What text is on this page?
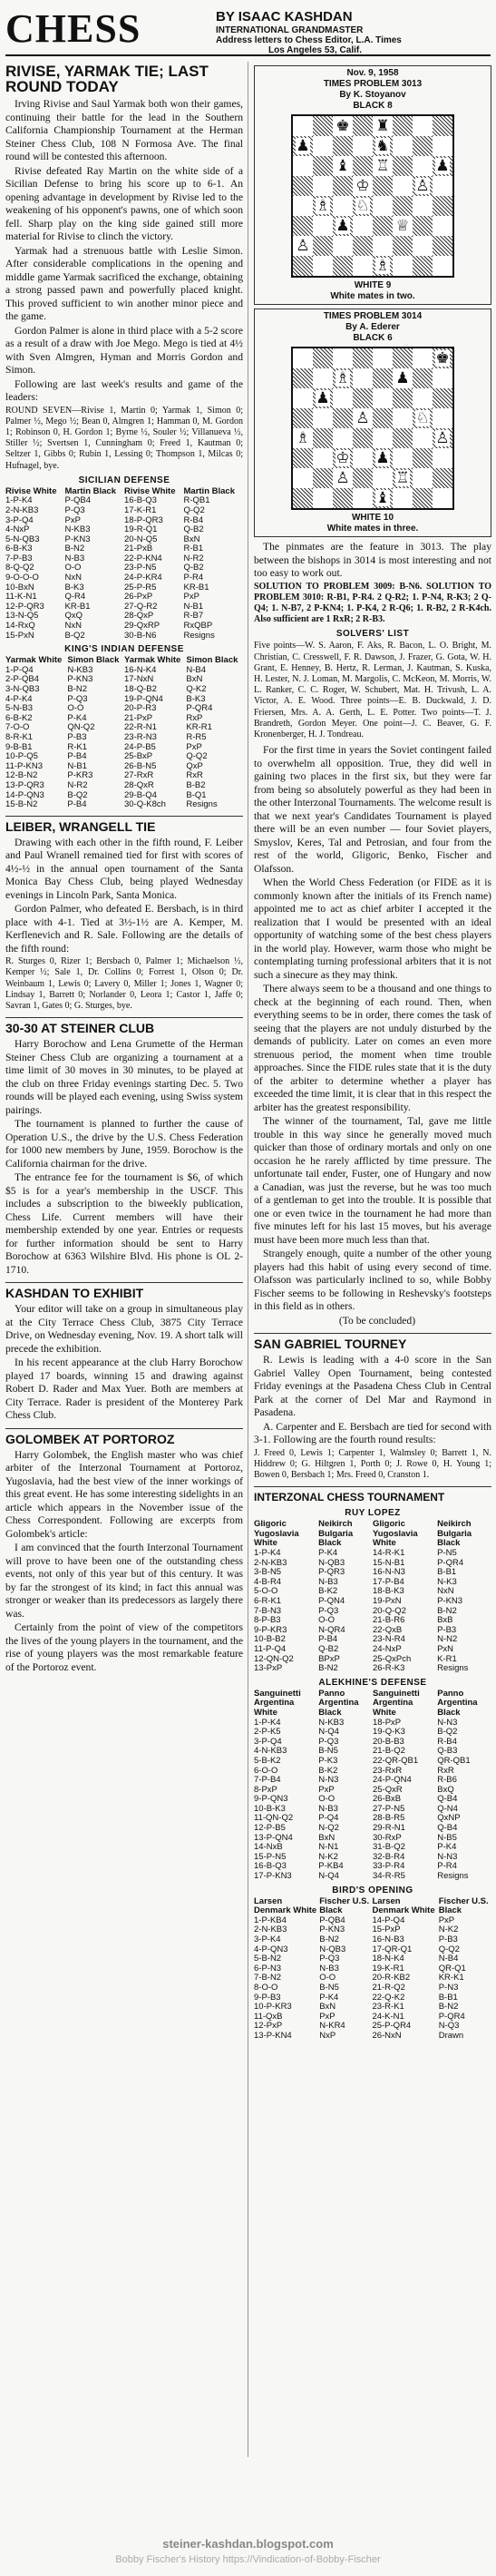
CHESS	BY ISAAC KASHDAN
INTERNATIONAL GRANDMASTER
Address letters to Chess Editor, L.A. Times
Los Angeles 53, Calif.
RIVISE, YARMAK TIE; LAST ROUND TODAY

Irving Rivise and Saul Yarmak both won their games, continuing their battle for the lead in the Southern California Championship Tournament at the Herman Steiner Chess Club, 108 N Formosa Ave. The final round will be contested this afternoon.

Rivise defeated Ray Martin on the white side of a Sicilian Defense to bring his score up to 6-1. An opening advantage in development by Rivise led to the weakening of his opponent's pawns, one of which soon fell. Sharp play on the king side gained still more material for Rivise to clinch the victory.

Yarmak had a strenuous battle with Leslie Simon. After considerable complications in the opening and middle game Yarmak sacrificed the exchange, obtaining a strong passed pawn and powerfully placed knight. This proved sufficient to win another minor piece and the game.

Gordon Palmer is alone in third place with a 5-2 score as a result of a draw with Joe Mego. Mego is tied at 4½ with Sven Almgren, Hyman and Morris Gordon and Simon.

Following are last week's results and game of the leaders:

ROUND SEVEN—Rivise 1, Martin 0; Yarmak 1, Simon 0; Palmer ½, Mego ½; Bean 0, Almgren 1; Hamman 0, M. Gordon 1; Robinson 0, H. Gordon 1; Byrne ½, Souler ½; Villanueva ½, Stiller ½; Svertsen 1, Cunningham 0; Freed 1, Kautman 0; Seltzer 1, Gibbs 0; Rubin 1, Lessing 0; Thompson 1, Milcas 0; Hufnagel, bye.

SICILIAN DEFENSE
Rivise White	Martin Black	Rivise White	Martin Black
1-P-K4	P-QB4	16-B-Q3	R-QB1
2-N-KB3	P-Q3	17-K-R1	Q-Q2
3-P-Q4	PxP	18-P-QR3	R-B4
4-NxP	N-KB3	19-R-Q1	Q-B2
5-N-QB3	P-KN3	20-N-Q5	BxN
6-B-K3	B-N2	21-PxB	R-B1
7-P-B3	N-B3	22-P-KN4	N-R2
8-Q-Q2	O-O	23-P-N5	Q-B2
9-O-O-O	NxN	24-P-KR4	P-R4
10-BxN	B-K3	25-P-R5	KR-B1
11-K-N1	Q-R4	26-PxP	PxP
12-P-QR3	KR-B1	27-Q-R2	N-B1
13-N-Q5	QxQ	28-QxP	R-B7
14-RxQ	NxN	29-QxRP	RxQBP
15-PxN	B-Q2	30-B-N6	Resigns
KING'S INDIAN DEFENSE
Yarmak White	Simon Black	Yarmak White	Simon Black
1-P-Q4	N-KB3	16-N-K4	N-B4
2-P-QB4	P-KN3	17-NxN	BxN
3-N-QB3	B-N2	18-Q-B2	Q-K2
4-P-K4	P-Q3	19-P-QN4	B-K3
5-N-B3	O-O	20-P-R3	P-QR4
6-B-K2	P-K4	21-PxP	RxP
7-O-O	QN-Q2	22-R-N1	KR-R1
8-R-K1	P-B3	23-R-N3	R-R5
9-B-B1	R-K1	24-P-B5	PxP
10-P-Q5	P-B4	25-BxP	Q-Q2
11-P-KN3	N-B1	26-B-N5	QxP
12-B-N2	P-KR3	27-RxR	RxR
13-P-QR3	N-R2	28-QxR	B-B2
14-P-QN3	B-Q2	29-B-Q4	B-Q1
15-B-N2	P-B4	30-Q-K8ch	Resigns
LEIBER, WRANGELL TIE

Drawing with each other in the fifth round, F. Leiber and Paul Wranell remained tied for first with scores of 4½-½ in the annual open tournament of the Santa Monica Bay Chess Club, being played Wednesday evenings in Lincoln Park, Santa Monica.

Gordon Palmer, who defeated E. Bersbach, is in third place with 4-1. Tied at 3½-1½ are A. Kemper, M. Kerflenevich and R. Sale. Following are the details of the fifth round:

R. Sturges 0, Rizer 1; Bersbach 0, Palmer 1; Michaelson ½, Kemper ½; Sale 1, Dr. Collins 0; Forrest 1, Olson 0; Dr. Weinbaum 1, Lewis 0; Lavery 0, Miller 1; Jones 1, Wagner 0; Lindsay 1, Barrett 0; Norlander 0, Leora 1; Castor 1, Jaffe 0; Savran 1, Gates 0; G. Sturges, bye.

30-30 AT STEINER CLUB

Harry Borochow and Lena Grumette of the Herman Steiner Chess Club are organizing a tournament at a time limit of 30 moves in 30 minutes, to be played at the club on three Friday evenings starting Dec. 5. Two rounds will be played each evening, using Swiss system pairings.

The tournament is planned to further the cause of Operation U.S., the drive by the U.S. Chess Federation for 1000 new members by June, 1959. Borochow is the California chairman for the drive.

The entrance fee for the tournament is $6, of which $5 is for a year's membership in the USCF. This includes a subscription to the biweekly publication, Chess Life. Current members will have their membership extended by one year. Entries or requests for further information should be sent to Harry Borochow at 6363 Wilshire Blvd. His phone is OL 2-1710.

KASHDAN TO EXHIBIT

Your editor will take on a group in simultaneous play at the City Terrace Chess Club, 3875 City Terrace Drive, on Wednesday evening, Nov. 19. A short talk will precede the exhibition.

In his recent appearance at the club Harry Borochow played 17 boards, winning 15 and drawing against Robert D. Rader and Max Yuer. Both are members at City Terrace. Rader is president of the Monterey Park Chess Club.

GOLOMBEK AT PORTOROZ

Harry Golombek, the English master who was chief arbiter of the Interzonal Tournament at Portoroz, Yugoslavia, had the best view of the inner workings of this great event. He has some interesting sidelights in an article which appears in the November issue of the Chess Correspondent. Following are excerpts from Golombek's article:

I am convinced that the fourth Interzonal Tournament will prove to have been one of the outstanding chess events, not only of this year but of this century. It was by far the strongest of its kind; in fact this annual was stronger or weaker than its predecessors as largely there was.

Certainly from the point of view of the competitors the lives of the young players in the tournament, and the rise of young players was the most remarkable feature of the Portoroz event.

Nov. 9, 1958
TIMES PROBLEM 3013
By K. Stoyanov
BLACK 8
♚ ♜
♟	♞
♝ ♖	♟
♔	♙
♗ ♘
♟	♕
♙
♗
WHITE 9
White mates in two.
TIMES PROBLEM 3014
By A. Ederer
BLACK 6
♚
♗	♟
♟
♙	♘
♗	♙
♔ ♟
♙	♖
♝
WHITE 10
White mates in three.

The pinmates are the feature in 3013. The play between the bishops in 3014 is most interesting and not too easy to work out.

SOLUTION TO PROBLEM 3009: B-N6. SOLUTION TO PROBLEM 3010: R-B1, P-R4. 2 Q-R2; 1. P-N4, R-K3; 2 Q-Q4; 1. N-B7, 2 P-KN4; 1. P-K4, 2 R-Q6; 1. R-B2, 2 R-K4ch. Also sufficient are 1 RxR; 2 R-B3.

SOLVERS' LIST

Five points—W. S. Aaron, F. Aks, R. Bacon, L. O. Bright, M. Christian, C. Cresswell, F. R. Dawson, J. Frazer, G. Gota, W. H. Grant, E. Henney, B. Hertz, R. Lerman, J. Kautman, S. Kuska, H. Lester, N. J. Loman, M. Margolis, C. McKeon, M. Morris, W. L. Ranker, C. C. Roger, W. Schubert, Mat. H. Trivush, L. A. Victor, A. E. Wood. Three points—E. B. Duckwald, J. D. Friersen, Mrs. A. A. Gerth, L. E. Potter. Two points—T. J. Brandreth, Gordon Meyer. One point—J. C. Beaver, G. F. Kronenberger, H. J. Tondreau.

For the first time in years the Soviet contingent failed to overwhelm all opposition. True, they did well in gaining two places in the first six, but they were far from being so absolutely powerful as they had been in the other Interzonal Tournaments. The welcome result is that we next year's Candidates Tournament is played there will be an even number — four Soviet players, Smyslov, Keres, Tal and Petrosian, and four from the rest of the world, Gligoric, Benko, Fischer and Olafsson.

When the World Chess Federation (or FIDE as it is commonly known after the initials of its French name) appointed me to act as chief arbiter I accepted it the realization that I would be presented with an ideal opportunity of watching some of the best chess players in the world play. However, warm those who might be contemplating turning professional arbiters that it is not such a sinecure as they may think.

There always seem to be a thousand and one things to check at the beginning of each round. Then, when everything seems to be in order, there comes the task of seeing that the players are not unduly disturbed by the demands of publicity. Later on comes an even more strenuous period, the moment when time trouble approaches. Since the FIDE rules state that it is the duty of the arbiter to determine whether a player has exceeded the time limit, it is clear that in this respect the arbiter has the greatest responsibility.

The winner of the tournament, Tal, gave me little trouble in this way since he generally moved much quicker than those of ordinary mortals and only on one occasion he he rarely afflicted by time pressure. The unfortunate tail ender, Fuster, one of Hungary and now a Canadian, was just the reverse, but he was too much of a gentleman to get into the trouble. It is possible that one or even twice in the tournament he had more than five minutes left for his last 15 moves, but his average must have been more much less than that.

Strangely enough, quite a number of the other young players had this habit of using every second of time. Olafsson was particularly inclined to so, while Bobby Fischer seems to be following in Reshevsky's footsteps in this field as in others.

(To be concluded)

SAN GABRIEL TOURNEY

R. Lewis is leading with a 4-0 score in the San Gabriel Valley Open Tournament, being contested Friday evenings at the Pasadena Chess Club in Central Park at the corner of Del Mar and Raymond in Pasadena.

A. Carpenter and E. Bersbach are tied for second with 3-1. Following are the fourth round results:

J. Freed 0, Lewis 1; Carpenter 1, Walmsley 0; Barrett 1, N. Hiddrew 0; G. Hiltgren 1, Porth 0; J. Rowe 0, H. Young 1; Bowen 0, Bersbach 1; Mrs. Freed 0, Cranston 1.

INTERZONAL CHESS TOURNAMENT
RUY LOPEZ
Gligoric Yugoslavia White	Neikirch Bulgaria Black	Gligoric Yugoslavia White	Neikirch Bulgaria Black
1-P-K4	P-K4	14-R-K1	P-N5
2-N-KB3	N-QB3	15-N-B1	P-QR4
3-B-N5	P-QR3	16-N-N3	B-B1
4-B-R4	N-B3	17-P-B4	N-K3
5-O-O	B-K2	18-B-K3	NxN
6-R-K1	P-QN4	19-PxN	P-KN3
7-B-N3	P-Q3	20-Q-Q2	B-N2
8-P-B3	O-O	21-B-R6	BxB
9-P-KR3	N-QR4	22-QxB	P-B3
10-B-B2	P-B4	23-N-R4	N-N2
11-P-Q4	Q-B2	24-NxP	PxN
12-QN-Q2	BPxP	25-QxPch	K-R1
13-PxP	B-N2	26-R-K3	Resigns
ALEKHINE'S DEFENSE
Sanguinetti Argentina White	Panno Argentina Black	Sanguinetti Argentina White	Panno Argentina Black
1-P-K4	N-KB3	18-PxP	N-N3
2-P-K5	N-Q4	19-Q-K3	B-Q2
3-P-Q4	P-Q3	20-B-B3	R-B4
4-N-KB3	B-N5	21-B-Q2	Q-B3
5-B-K2	P-K3	22-QR-QB1	QR-QB1
6-O-O	B-K2	23-RxR	RxR
7-P-B4	N-N3	24-P-QN4	R-B6
8-PxP	PxP	25-QxR	BxQ
9-P-QN3	O-O	26-BxB	Q-B4
10-B-K3	N-B3	27-P-N5	Q-N4
11-QN-Q2	P-Q4	28-B-R5	QxNP
12-P-B5	N-Q2	29-R-N1	Q-B4
13-P-QN4	BxN	30-RxP	N-B5
14-NxB	N-N1	31-B-Q2	P-K4
15-P-N5	N-K2	32-B-R4	N-N3
16-B-Q3	P-KB4	33-P-R4	P-R4
17-P-KN3	N-Q4	34-R-R5	Resigns
BIRD'S OPENING
Larsen Denmark White	Fischer U.S. Black	Larsen Denmark White	Fischer U.S. Black
1-P-KB4	P-QB4	14-P-Q4	PxP
2-N-KB3	P-KN3	15-PxP	N-K2
3-P-K4	B-N2	16-N-B3	P-B3
4-P-QN3	N-QB3	17-QR-Q1	Q-Q2
5-B-N2	P-Q3	18-N-K4	N-B4
6-P-N3	N-B3	19-K-R1	QR-Q1
7-B-N2	O-O	20-R-KB2	KR-K1
8-O-O	B-N5	21-R-Q2	P-N3
9-P-B3	P-K4	22-Q-K2	B-B1
10-P-KR3	BxN	23-R-K1	B-N2
11-QxB	PxP	24-K-N1	P-QR4
12-PxP	N-KR4	25-P-QR4	N-Q3
13-P-KN4	NxP	26-NxN	Drawn
steiner-kashdan.blogspot.com
Bobby Fischer's History https://Vindication-of-Bobby-Fischer
